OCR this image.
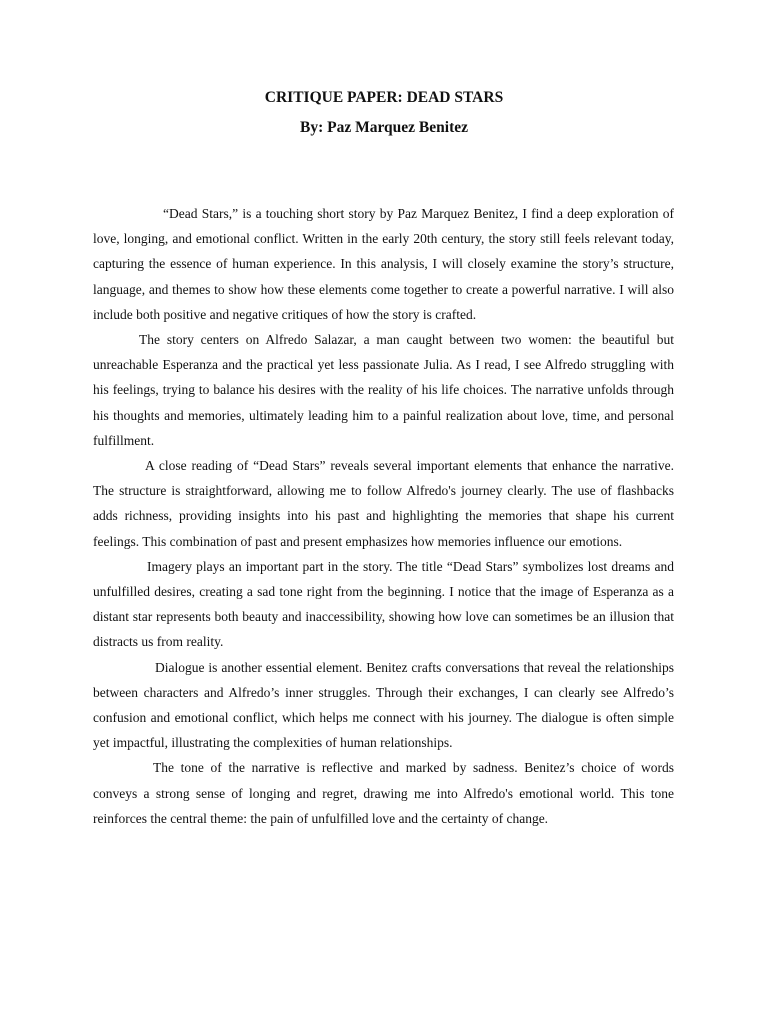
CRITIQUE PAPER: DEAD STARS
By: Paz Marquez Benitez

“Dead Stars,” is a touching short story by Paz Marquez Benitez, I find a deep exploration of love, longing, and emotional conflict. Written in the early 20th century, the story still feels relevant today, capturing the essence of human experience. In this analysis, I will closely examine the story’s structure, language, and themes to show how these elements come together to create a powerful narrative. I will also include both positive and negative critiques of how the story is crafted.

The story centers on Alfredo Salazar, a man caught between two women: the beautiful but unreachable Esperanza and the practical yet less passionate Julia. As I read, I see Alfredo struggling with his feelings, trying to balance his desires with the reality of his life choices. The narrative unfolds through his thoughts and memories, ultimately leading him to a painful realization about love, time, and personal fulfillment.

A close reading of “Dead Stars” reveals several important elements that enhance the narrative. The structure is straightforward, allowing me to follow Alfredo's journey clearly. The use of flashbacks adds richness, providing insights into his past and highlighting the memories that shape his current feelings. This combination of past and present emphasizes how memories influence our emotions.

Imagery plays an important part in the story. The title “Dead Stars” symbolizes lost dreams and unfulfilled desires, creating a sad tone right from the beginning. I notice that the image of Esperanza as a distant star represents both beauty and inaccessibility, showing how love can sometimes be an illusion that distracts us from reality.

Dialogue is another essential element. Benitez crafts conversations that reveal the relationships between characters and Alfredo’s inner struggles. Through their exchanges, I can clearly see Alfredo’s confusion and emotional conflict, which helps me connect with his journey. The dialogue is often simple yet impactful, illustrating the complexities of human relationships.

The tone of the narrative is reflective and marked by sadness. Benitez’s choice of words conveys a strong sense of longing and regret, drawing me into Alfredo's emotional world. This tone reinforces the central theme: the pain of unfulfilled love and the certainty of change.
